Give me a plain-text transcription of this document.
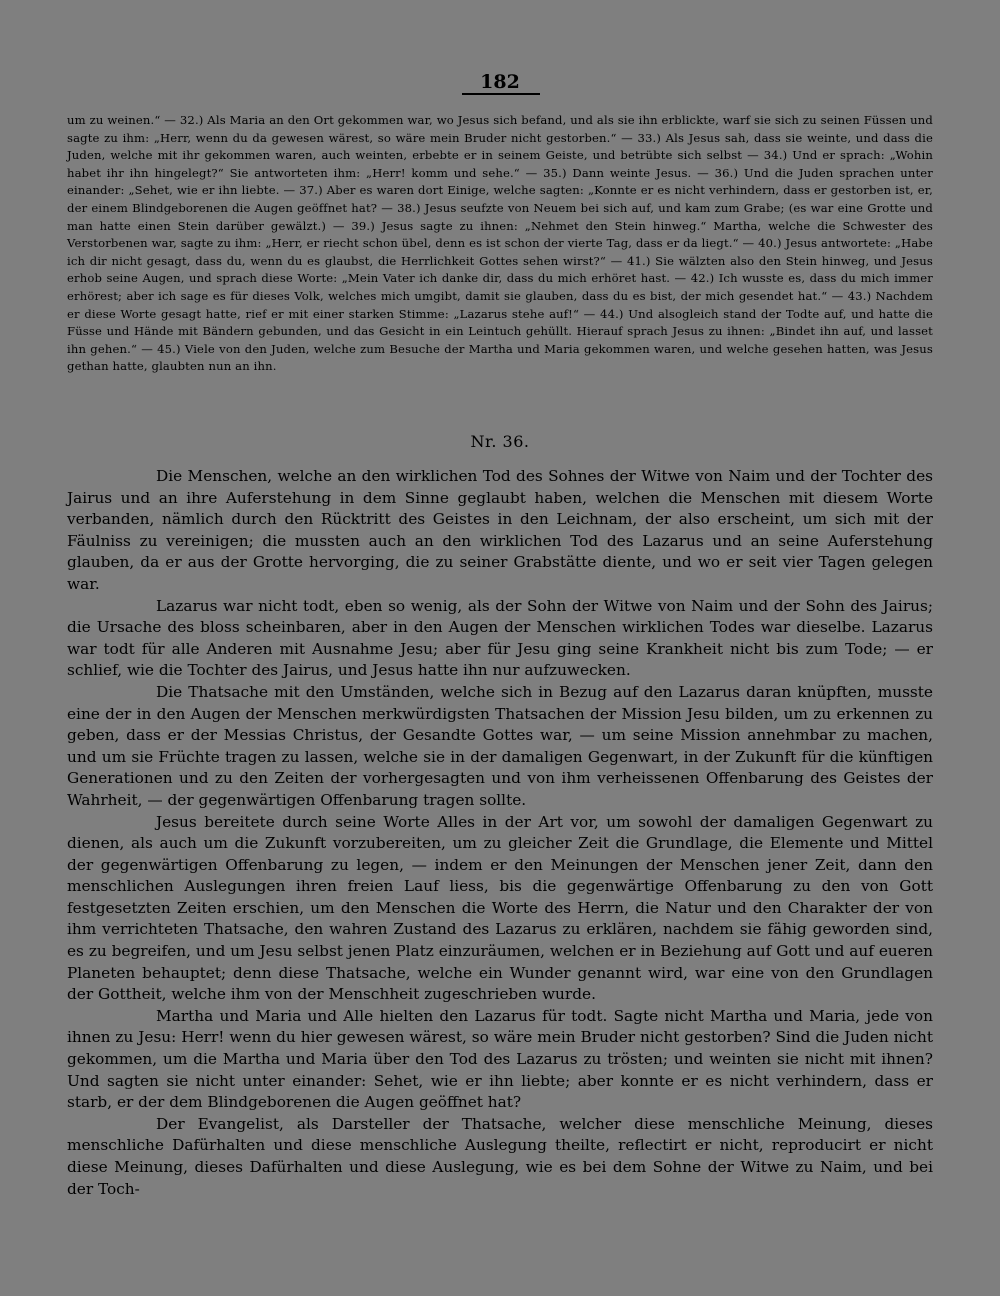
182
um zu weinen.“ — 32.) Als Maria an den Ort gekommen war, wo Jesus sich befand, und als sie ihn erblickte, warf sie sich zu seinen Füssen und sagte zu ihm: „Herr, wenn du da gewesen wärest, so wäre mein Bruder nicht gestorben.“ — 33.) Als Jesus sah, dass sie weinte, und dass die Juden, welche mit ihr gekommen waren, auch weinten, erbebte er in seinem Geiste, und betrübte sich selbst — 34.) Und er sprach: „Wohin habet ihr ihn hingelegt?“ Sie antworteten ihm: „Herr! komm und sehe.“ — 35.) Dann weinte Jesus. — 36.) Und die Juden sprachen unter einander: „Sehet, wie er ihn liebte. — 37.) Aber es waren dort Einige, welche sagten: „Konnte er es nicht verhindern, dass er gestorben ist, er, der einem Blindgeborenen die Augen geöffnet hat? — 38.) Jesus seufzte von Neuem bei sich auf, und kam zum Grabe; (es war eine Grotte und man hatte einen Stein darüber gewälzt.) — 39.) Jesus sagte zu ihnen: „Nehmet den Stein hinweg.“ Martha, welche die Schwester des Verstorbenen war, sagte zu ihm: „Herr, er riecht schon übel, denn es ist schon der vierte Tag, dass er da liegt.“ — 40.) Jesus antwortete: „Habe ich dir nicht gesagt, dass du, wenn du es glaubst, die Herrlichkeit Gottes sehen wirst?“ — 41.) Sie wälzten also den Stein hinweg, und Jesus erhob seine Augen, und sprach diese Worte: „Mein Vater ich danke dir, dass du mich erhöret hast. — 42.) Ich wusste es, dass du mich immer erhörest; aber ich sage es für dieses Volk, welches mich umgibt, damit sie glauben, dass du es bist, der mich gesendet hat.“ — 43.) Nachdem er diese Worte gesagt hatte, rief er mit einer starken Stimme: „Lazarus stehe auf!“ — 44.) Und alsogleich stand der Todte auf, und hatte die Füsse und Hände mit Bändern gebunden, und das Gesicht in ein Leintuch gehüllt. Hierauf sprach Jesus zu ihnen: „Bindet ihn auf, und lasset ihn gehen.“ — 45.) Viele von den Juden, welche zum Besuche der Martha und Maria gekommen waren, und welche gesehen hatten, was Jesus gethan hatte, glaubten nun an ihn.
Nr. 36.

Die Menschen, welche an den wirklichen Tod des Sohnes der Witwe von Naim und der Tochter des Jairus und an ihre Auferstehung in dem Sinne geglaubt haben, welchen die Menschen mit diesem Worte verbanden, nämlich durch den Rücktritt des Geistes in den Leichnam, der also erscheint, um sich mit der Fäulniss zu vereinigen; die mussten auch an den wirklichen Tod des Lazarus und an seine Auferstehung glauben, da er aus der Grotte hervorging, die zu seiner Grabstätte diente, und wo er seit vier Tagen gelegen war.

Lazarus war nicht todt, eben so wenig, als der Sohn der Witwe von Naim und der Sohn des Jairus; die Ursache des bloss scheinbaren, aber in den Augen der Menschen wirklichen Todes war dieselbe. Lazarus war todt für alle Anderen mit Ausnahme Jesu; aber für Jesu ging seine Krankheit nicht bis zum Tode; — er schlief, wie die Tochter des Jairus, und Jesus hatte ihn nur aufzuwecken.

Die Thatsache mit den Umständen, welche sich in Bezug auf den Lazarus daran knüpften, musste eine der in den Augen der Menschen merkwürdigsten Thatsachen der Mission Jesu bilden, um zu erkennen zu geben, dass er der Messias Christus, der Gesandte Gottes war, — um seine Mission annehmbar zu machen, und um sie Früchte tragen zu lassen, welche sie in der damaligen Gegenwart, in der Zukunft für die künftigen Generationen und zu den Zeiten der vorhergesagten und von ihm verheissenen Offenbarung des Geistes der Wahrheit, — der gegenwärtigen Offenbarung tragen sollte.

Jesus bereitete durch seine Worte Alles in der Art vor, um sowohl der damaligen Gegenwart zu dienen, als auch um die Zukunft vorzubereiten, um zu gleicher Zeit die Grundlage, die Elemente und Mittel der gegenwärtigen Offenbarung zu legen, — indem er den Meinungen der Menschen jener Zeit, dann den menschlichen Auslegungen ihren freien Lauf liess, bis die gegenwärtige Offenbarung zu den von Gott festgesetzten Zeiten erschien, um den Menschen die Worte des Herrn, die Natur und den Charakter der von ihm verrichteten Thatsache, den wahren Zustand des Lazarus zu erklären, nachdem sie fähig geworden sind, es zu begreifen, und um Jesu selbst jenen Platz einzuräumen, welchen er in Beziehung auf Gott und auf eueren Planeten behauptet; denn diese Thatsache, welche ein Wunder genannt wird, war eine von den Grundlagen der Gottheit, welche ihm von der Menschheit zugeschrieben wurde.

Martha und Maria und Alle hielten den Lazarus für todt. Sagte nicht Martha und Maria, jede von ihnen zu Jesu: Herr! wenn du hier gewesen wärest, so wäre mein Bruder nicht gestorben? Sind die Juden nicht gekommen, um die Martha und Maria über den Tod des Lazarus zu trösten; und weinten sie nicht mit ihnen? Und sagten sie nicht unter einander: Sehet, wie er ihn liebte; aber konnte er es nicht verhindern, dass er starb, er der dem Blindgeborenen die Augen geöffnet hat?

Der Evangelist, als Darsteller der Thatsache, welcher diese menschliche Meinung, dieses menschliche Dafürhalten und diese menschliche Auslegung theilte, reflectirt er nicht, reproducirt er nicht diese Meinung, dieses Dafürhalten und diese Auslegung, wie es bei dem Sohne der Witwe zu Naim, und bei der Toch-
